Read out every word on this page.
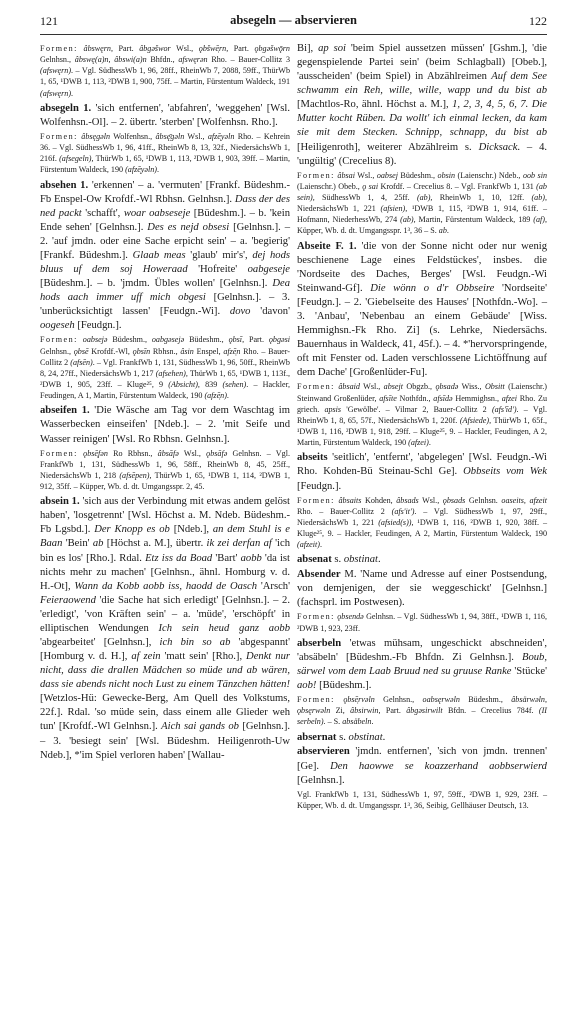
121	absegeln — abservieren	122

Formen: âbswęrn, Part. âbgəšwor Wsl., ǫbšwē̜rn, Part. ǫbgəšwǭrn Gelnhsn., âbswę(a)n, âbswi(a)n Bhfdn., afswęrən Rho. – Bauer-Collitz 3 (afswęrn). – Vgl. SüdhessWb 1, 96, 28ff., RheinWb 7, 2088, 59ff., ThürWb 1, 65, ¹DWB 1, 113, ²DWB 1, 900, 75ff. – Martin, Fürstentum Waldeck, 191 (afswęrn).

absegeln 1. 'sich entfernen', 'abfahren', 'weggehen' [Wsl. Wolfenhsn.-Ol]. – 2. übertr. 'sterben' [Wolfenhsn. Rho.].

Formen: âbsęgəln Wolfenhsn., âbsę̄gəln Wsl., afzē̜yəln Rho. – Kehrein 36. – Vgl. SüdhessWb 1, 96, 41ff., RheinWb 8, 13, 32f., NiedersächsWb 1, 216f. (afsegeln), ThürWb 1, 65, ¹DWB 1, 113, ²DWB 1, 903, 39ff. – Martin, Fürstentum Waldeck, 190 (afzē̜yəln).

absehen 1. 'erkennen' – a. 'vermuten' [Frankf. Büdeshm.-Fb Enspel-Ow Krofdf.-Wl Rbhsn. Gelnhsn.]. Dass der des ned packt 'schafft', woar oabseseje [Büdeshm.]. – b. 'kein Ende sehen' [Gelnhsn.]. Des es nejd obsesi [Gelnhsn.]. – 2. 'auf jmdn. oder eine Sache erpicht sein' – a. 'begierig' [Frankf. Büdeshm.]. Glaab meas 'glaub' mir's', dej hods bluus uf dem soj Howeraad 'Hofreite' oabgeseje [Büdeshm.]. – b. 'jmdm. Übles wollen' [Gelnhsn.]. Dea hods aach immer uff mich obgesi [Gelnhsn.]. – 3. 'unberücksichtigt lassen' [Feudgn.-Wi]. dovo 'davon' oogeseh [Feudgn.].

Formen: oabsejə Büdeshm., oabgəsejə Büdeshm., ǫbsī, Part. ǫbgəsi Gelnhsn., ǫbsē Krofdf.-Wl, ǫbsīn Rbhsn., âsin Enspel, afzē̜n Rho. – Bauer-Collitz 2 (afsēn). – Vgl. FrankfWb 1, 131, SüdhessWb 1, 96, 50ff., RheinWb 8, 24, 27ff., NiedersächsWb 1, 217 (afsehen), ThürWb 1, 65, ¹DWB 1, 113f., ²DWB 1, 905, 23ff. – Kluge²⁵, 9 (Absicht), 839 (sehen). – Hackler, Feudingen, A 1, Martin, Fürstentum Waldeck, 190 (afzē̜n).

abseifen 1. 'Die Wäsche am Tag vor dem Waschtag im Wasserbecken einseifen' [Ndeb.]. – 2. 'mit Seife und Wasser reinigen' [Wsl. Ro Rbhsn. Gelnhsn.].

Formen: ǫbsē̜fən Ro Rbhsn., âbsāfə Wsl., ǫbsāfə Gelnhsn. – Vgl. FrankfWb 1, 131, SüdhessWb 1, 96, 58ff., RheinWb 8, 45, 25ff., NiedersächsWb 1, 218 (afsēpen), ThürWb 1, 65, ¹DWB 1, 114, ²DWB 1, 912, 35ff. – Küpper, Wb. d. dt. Umgangsspr. 2, 45.

absein 1. 'sich aus der Verbindung mit etwas andem gelöst haben', 'losgetrennt' [Wsl. Höchst a. M. Ndeb. Büdeshm.-Fb Lgsbd.]. Der Knopp es ob [Ndeb.], an dem Stuhl is e Baan 'Bein' ab [Höchst a. M.], übertr. ik zei derfan af 'ich bin es los' [Rho.]. Rdal. Etz iss da Boad 'Bart' aobb 'da ist nichts mehr zu machen' [Gelnhsn., ähnl. Homburg v. d. H.-Ot], Wann da Kobb aobb iss, haodd de Oasch 'Arsch' Feieraowend 'die Sache hat sich erledigt' [Gelnhsn.]. – 2. 'erledigt', 'von Kräften sein' – a. 'müde', 'erschöpft' in elliptischen Wendungen Ich sein heud ganz aobb 'abgearbeitet' [Gelnhsn.], ich bin so ab 'abgespannt' [Homburg v. d. H.], af zein 'matt sein' [Rho.], Denkt nur nicht, dass die drallen Mädchen so müde und ab wären, dass sie abends nicht noch Lust zu einem Tänzchen hätten! [Wetzlos-Hü: Gewecke-Berg, Am Quell des Volkstums, 22f.]. Rdal. 'so müde sein, dass einem alle Glieder weh tun' [Krofdf.-Wl Gelnhsn.]. Aich sai gands ob [Gelnhsn.]. – 3. 'besiegt sein' [Wsl. Büdeshm. Heiligenroth-Uw Ndeb.], *'im Spiel verloren haben' [Wallau-

Bi], ap soi 'beim Spiel aussetzen müssen' [Gshm.], 'die gegenspielende Partei sein' (beim Schlagball) [Obeb.], 'ausscheiden' (beim Spiel) in Abzählreimen Auf dem See schwamm ein Reh, wille, wille, wapp und du bist ab [Machtlos-Ro, ähnl. Höchst a. M.], 1, 2, 3, 4, 5, 6, 7. Die Mutter kocht Rüben. Da wollt' ich einmal lecken, da kam sie mit dem Stecken. Schnipp, schnapp, du bist ab [Heiligenroth], weiterer Abzählreim s. Dicksack. – 4. 'ungültig' (Crecelius 8).

Formen: âbsai Wsl., oabsej Büdeshm., obsin (Laienschr.) Ndeb., oob sin (Laienschr.) Obeb., ǫ sai Krofdf. – Crecelius 8. – Vgl. FrankfWb 1, 131 (ab sein), SüdhessWb 1, 4, 25ff. (ab), RheinWb 1, 10, 12ff. (ab), NiedersächsWb 1, 221 (afsien), ¹DWB 1, 115, ²DWB 1, 914, 61ff. – Hofmann, NiederhessWb, 274 (ab), Martin, Fürstentum Waldeck, 189 (af), Küpper, Wb. d. dt. Umgangsspr. 1³, 36 – S. ab.

Abseite F. 1. 'die von der Sonne nicht oder nur wenig beschienene Lage eines Feldstückes', insbes. die 'Nordseite des Daches, Berges' [Wsl. Feudgn.-Wi Steinwand-Gf]. Die wönn o d'r Obbseire 'Nordseite' [Feudgn.]. – 2. 'Giebelseite des Hauses' [Nothfdn.-Wo]. – 3. 'Anbau', 'Nebenbau an einem Gebäude' [Wiss. Hemmighsn.-Fk Rho. Zi] (s. Lehrke, Niedersächs. Bauernhaus in Waldeck, 41, 45f.). – 4. *'hervorspringende, oft mit Fenster od. Laden verschlossene Lichtöffnung auf dem Dache' [Großenlüder-Fu].

Formen: âbsaid Wsl., absejt Obgzb., ǫbsadə Wiss., Obsitt (Laienschr.) Steinwand Großenlüder, afsīte Nothfdn., afsīdə Hemmighsn., afzei Rho. Zu griech. apsis 'Gewölbe'. – Vilmar 2, Bauer-Collitz 2 (afs'īd'). – Vgl. RheinWb 1, 8, 65, 57f., NiedersächsWb 1, 220f. (Afsiede), ThürWb 1, 65f., ¹DWB 1, 116, ²DWB 1, 918, 29ff. – Kluge²⁵, 9. – Hackler, Feudingen, A 2, Martin, Fürstentum Waldeck, 190 (afzei).

abseits 'seitlich', 'entfernt', 'abgelegen' [Wsl. Feudgn.-Wi Rho. Kohden-Bü Steinau-Schl Ge]. Obbseits vom Wek [Feudgn.].

Formen: âbsaits Kohden, âbsads Wsl., ǫbsads Gelnhsn. oaseits, afzeit Rho. – Bauer-Collitz 2 (afs'it'). – Vgl. SüdhessWb 1, 97, 29ff., NiedersächsWb 1, 221 (afsied(s)), ¹DWB 1, 116, ²DWB 1, 920, 38ff. – Kluge²⁵, 9. – Hackler, Feudingen, A 2, Martin, Fürstentum Waldeck, 190 (afzeit).

absenat s. obstinat.

Absender M. 'Name und Adresse auf einer Postsendung, von demjenigen, der sie weggeschickt' [Gelnhsn.] (fachsprl. im Postwesen).

Formen: ǫbsendə Gelnhsn. – Vgl. SüdhessWb 1, 94, 38ff., ¹DWB 1, 116, ²DWB 1, 923, 23ff.

abserbeln 'etwas mühsam, ungeschickt abschneiden', 'absäbeln' [Büdeshm.-Fb Bhfdn. Zi Gelnhsn.]. Boub, särwel vom dem Laab Bruud ned su gruuse Ranke 'Stücke' aob! [Büdeshm.].

Formen: ǫbsē̜rvəln Gelnhsn., oabsęrwəln Büdeshm., âbsärwəln, ǫbsęrwəln Zi, âbsirwin, Part. âbgəsirwilt Bfdn. – Crecelius 784f. (II serbeln). – S. absäbeln.

absernat s. obstinat.

abservieren 'jmdn. entfernen', 'sich von jmdn. trennen' [Ge]. Den haowwe se koazzerhand aobbserwierd [Gelnhsn.].

Vgl. FrankfWb 1, 131, SüdhessWb 1, 97, 59ff., ²DWB 1, 929, 23ff. – Küpper, Wb. d. dt. Umgangsspr. 1³, 36, Seibig, Gellhäuser Deutsch, 13.
